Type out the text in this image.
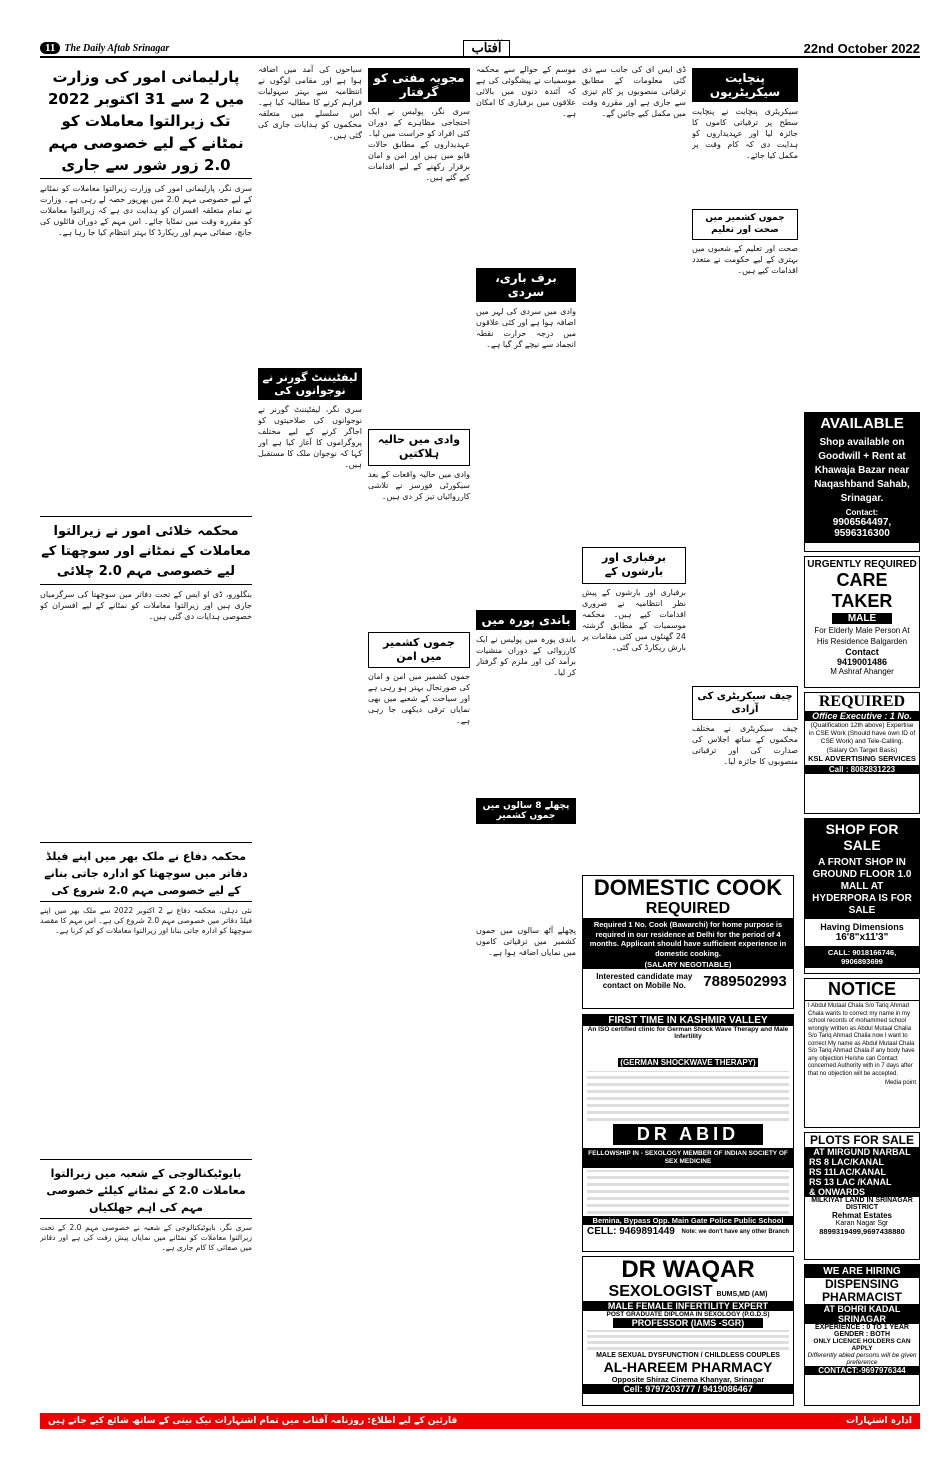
11 The Daily Aftab Srinagar	آفتاب	22nd October 2022
پارلیمانی امور کی وزارت میں 2 سے 31 اکتوبر 2022 تک زیرالتوا معاملات کو نمٹانے کے لیے خصوصی مہم 2.0 زور شور سے جاری
سری نگر، پارلیمانی امور کی وزارت زیرالتوا معاملات کو نمٹانے کے لیے خصوصی مہم 2.0 میں بھرپور حصہ لے رہی ہے۔ وزارت نے تمام متعلقہ افسران کو ہدایت دی ہے کہ زیرالتوا معاملات کو مقررہ وقت میں نمٹایا جائے۔ اس مہم کے دوران فائلوں کی جانچ، صفائی مہم اور ریکارڈ کا بہتر انتظام کیا جا رہا ہے۔
محکمہ خلائی امور نے زیرالتوا معاملات کے نمٹانے اور سوچھتا کے لیے خصوصی مہم 2.0 چلائی
بنگلورو، ڈی او ایس کے تحت دفاتر میں سوچھتا کی سرگرمیاں جاری ہیں اور زیرالتوا معاملات کو نمٹانے کے لیے افسران کو خصوصی ہدایات دی گئی ہیں۔
محکمہ دفاع نے ملک بھر میں اپنے فیلڈ دفاتر میں سوچھتا کو ادارہ جاتی بنانے کے لیے خصوصی مہم 2.0 شروع کی
نئی دہلی، محکمہ دفاع نے 2 اکتوبر 2022 سے ملک بھر میں اپنے فیلڈ دفاتر میں خصوصی مہم 2.0 شروع کی ہے۔ اس مہم کا مقصد سوچھتا کو ادارہ جاتی بنانا اور زیرالتوا معاملات کو کم کرنا ہے۔
بایوٹیکنالوجی کے شعبہ میں زیرالتوا معاملات 2.0 کے نمٹانے کیلئے خصوصی مہم کی اہم جھلکیاں
سری نگر، بایوٹیکنالوجی کے شعبہ نے خصوصی مہم 2.0 کے تحت زیرالتوا معاملات کو نمٹانے میں نمایاں پیش رفت کی ہے اور دفاتر میں صفائی کا کام جاری ہے۔
سیاحوں کی آمد میں اضافہ ہوا ہے اور مقامی لوگوں نے انتظامیہ سے بہتر سہولیات فراہم کرنے کا مطالبہ کیا ہے۔ اس سلسلے میں متعلقہ محکموں کو ہدایات جاری کی گئی ہیں۔
لیفٹیننٹ گورنر نے نوجوانوں کی
سری نگر، لیفٹیننٹ گورنر نے نوجوانوں کی صلاحیتوں کو اجاگر کرنے کے لیے مختلف پروگراموں کا آغاز کیا ہے اور کہا کہ نوجوان ملک کا مستقبل ہیں۔
مجوبہ مفتی کو گرفتار
سری نگر، پولیس نے ایک احتجاجی مظاہرے کے دوران کئی افراد کو حراست میں لیا۔ عہدیداروں کے مطابق حالات قابو میں ہیں اور امن و امان برقرار رکھنے کے لیے اقدامات کیے گئے ہیں۔
وادی میں حالیہ ہلاکتیں
وادی میں حالیہ واقعات کے بعد سیکورٹی فورسز نے تلاشی کارروائیاں تیز کر دی ہیں۔
جموں کشمیر میں امن
جموں کشمیر میں امن و امان کی صورتحال بہتر ہو رہی ہے اور سیاحت کے شعبے میں بھی نمایاں ترقی دیکھی جا رہی ہے۔
موسم کے حوالے سے محکمہ موسمیات نے پیشگوئی کی ہے کہ آئندہ دنوں میں بالائی علاقوں میں برفباری کا امکان ہے۔
برف باری، سردی
وادی میں سردی کی لہر میں اضافہ ہوا ہے اور کئی علاقوں میں درجہ حرارت نقطہ انجماد سے نیچے گر گیا ہے۔
باندی پورہ میں
باندی پورہ میں پولیس نے ایک کارروائی کے دوران منشیات برآمد کی اور ملزم کو گرفتار کر لیا۔
پچھلے 8 سالوں میں جموں کشمیر
پچھلے آٹھ سالوں میں جموں کشمیر میں ترقیاتی کاموں میں نمایاں اضافہ ہوا ہے۔
ڈی ایس ای کی جانب سے دی گئی معلومات کے مطابق ترقیاتی منصوبوں پر کام تیزی سے جاری ہے اور مقررہ وقت میں مکمل کیے جائیں گے۔
برفباری اور بارشوں کے
برفباری اور بارشوں کے پیش نظر انتظامیہ نے ضروری اقدامات کیے ہیں۔ محکمہ موسمیات کے مطابق گزشتہ 24 گھنٹوں میں کئی مقامات پر بارش ریکارڈ کی گئی۔
پنچایت سیکریٹریوں
سیکریٹری پنچایت نے پنچایت سطح پر ترقیاتی کاموں کا جائزہ لیا اور عہدیداروں کو ہدایت دی کہ کام وقت پر مکمل کیا جائے۔
جموں کشمیر میں صحت اور تعلیم
صحت اور تعلیم کے شعبوں میں بہتری کے لیے حکومت نے متعدد اقدامات کیے ہیں۔
چیف سیکریٹری کی آزادی
چیف سیکریٹری نے مختلف محکموں کے ساتھ اجلاس کی صدارت کی اور ترقیاتی منصوبوں کا جائزہ لیا۔
AVAILABLE
Shop available on Goodwill + Rent at Khawaja Bazar near Naqashband Sahab, Srinagar.
Contact:
9906564497, 9596316300
URGENTLY REQUIRED
CARE TAKER
MALE
For Elderly Male Person At His Residence Balgarden
Contact
9419001486
M Ashraf Ahanger
REQUIRED
Office Executive : 1 No.
(Qualification 12th above) Expertise in CSE Work (Should have own ID of CSE Work) and Tele-Calling.
(Salary On Target Basis)
KSL ADVERTISING SERVICES
Call : 8082831223
SHOP FOR SALE
A FRONT SHOP IN GROUND FLOOR 1.0 MALL AT HYDERPORA IS FOR SALE
Having Dimensions
16'8"x11'3"
CALL: 9018166746, 9906893699
NOTICE
I Abdul Mutaal Chala S/o Tariq Ahmad Chala wants to correct my name in my school records of mohammed school wrongly written as Abdul Mutaal Chalia S/o Tariq Ahmad Chalia now I want to correct My name as Abdul Mutaal Chala S/o Tariq Ahmad Chala.if any body have any objection He/she can Contact concerned Authority with in 7 days after that no objection will be accepted.
Media point
PLOTS FOR SALE
AT MIRGUND NARBAL
RS 8 LAC/KANAL
RS 11LAC/KANAL
RS 13 LAC /KANAL
& ONWARDS
MILKIYAT LAND IN SRINAGAR DISTRICT
Rehmat Estates
Karan Nagar Sgr
8899319499,9697438880
WE ARE HIRING
DISPENSING PHARMACIST
AT BOHRI KADAL SRINAGAR
EXPERIENCE : 0 TO 1 YEAR
GENDER : BOTH
ONLY LICENCE HOLDERS CAN APPLY
Differently abled persons will be given preference
CONTACT:-9697976344
DOMESTIC COOK
REQUIRED
Required 1 No. Cook (Bawarchi) for home purpose is required in our residence at Delhi for the period of 4 months. Applicant should have sufficient experience in domestic cooking.
(SALARY NEGOTIABLE)
Interested candidate may contact on Mobile No.	7889502993
FIRST TIME IN KASHMIR VALLEY
An ISO certified clinic for German Shock Wave Therapy and Male Infertility
(GERMAN SHOCKWAVE THERAPY)
DR ABID
FELLOWSHIP IN - SEXOLOGY MEMBER OF INDIAN SOCIETY OF SEX MEDICINE
Bemina, Bypass Opp. Main Gate Police Public School
CELL: 9469891449 Note: we don't have any other Branch
DR WAQAR
SEXOLOGIST BUMS,MD (AM)
MALE FEMALE INFERTILITY EXPERT
POST GRADUATE DIPLOMA IN SEXOLOGY (P.G.D.S)
PROFESSOR (IAMS -SGR)
MALE SEXUAL DYSFUNCTION / CHILDLESS COUPLES
AL-HAREEM PHARMACY
Opposite Shiraz Cinema Khanyar, Srinagar
Cell: 9797203777 / 9419086467
ادارہ اشتہارات
قارئین کے لیے اطلاع: روزنامہ آفتاب میں تمام اشتہارات نیک نیتی کے ساتھ شائع کیے جاتے ہیں
